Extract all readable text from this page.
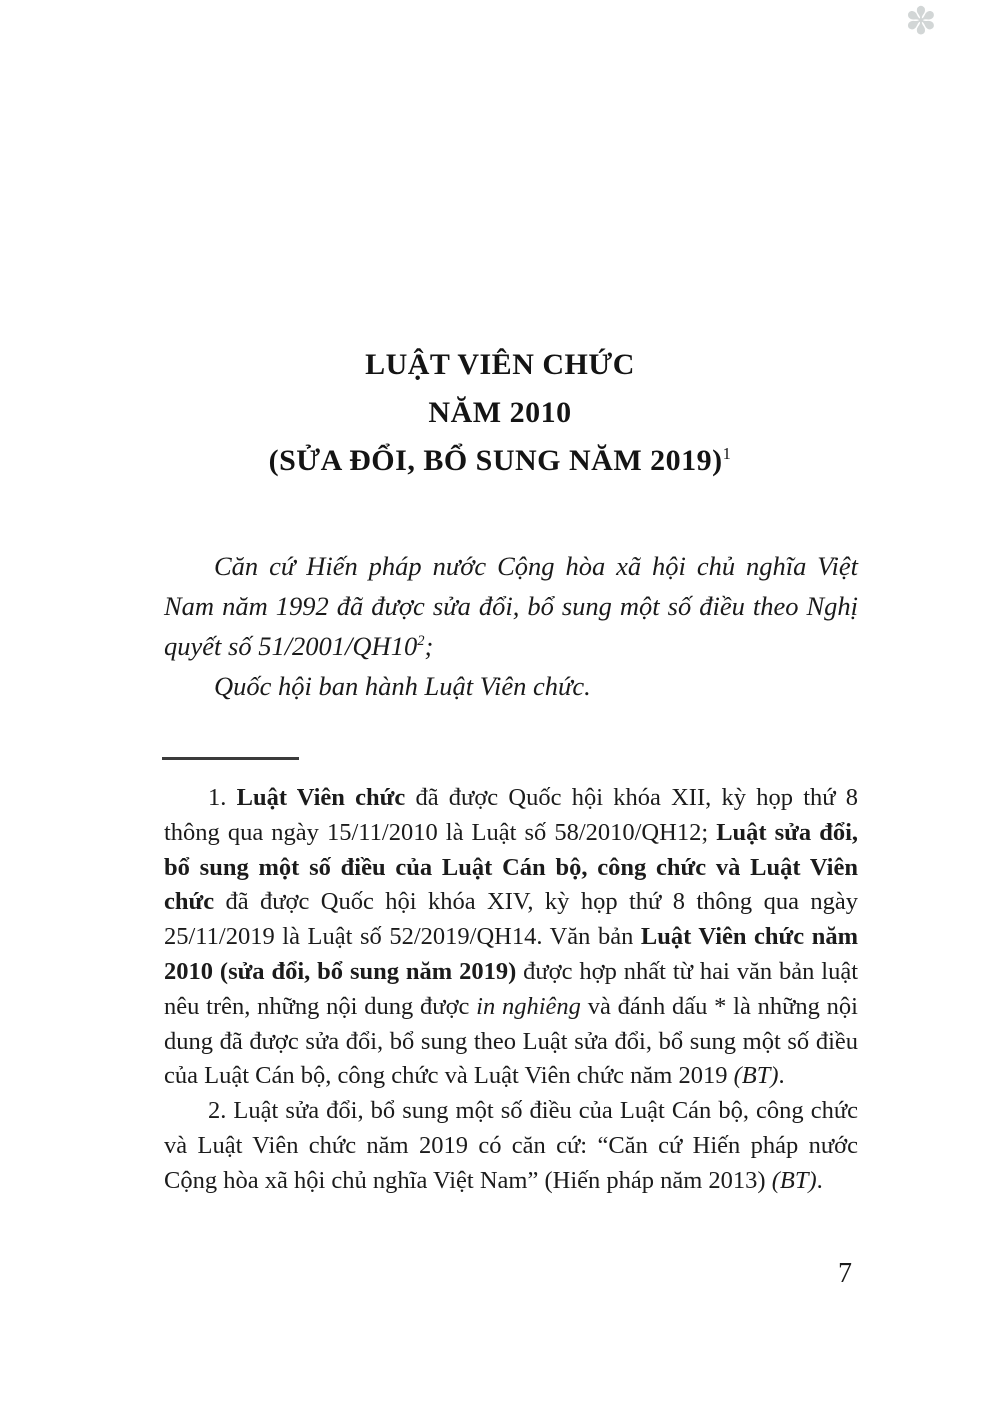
✽
LUẬT VIÊN CHỨC
NĂM 2010
(SỬA ĐỔI, BỔ SUNG NĂM 2019)$^1$

Căn cứ Hiến pháp nước Cộng hòa xã hội chủ nghĩa Việt Nam năm 1992 đã được sửa đổi, bổ sung một số điều theo Nghị quyết số $51/2001/QH10^2$;

Quốc hội ban hành Luật Viên chức.

1. Luật Viên chức đã được Quốc hội khóa XII, kỳ họp thứ 8 thông qua ngày 15/11/2010 là Luật số 58/2010/QH12; Luật sửa đổi, bổ sung một số điều của Luật Cán bộ, công chức và Luật Viên chức đã được Quốc hội khóa XIV, kỳ họp thứ 8 thông qua ngày 25/11/2019 là Luật số 52/2019/QH14. Văn bản Luật Viên chức năm 2010 (sửa đổi, bổ sung năm 2019) được hợp nhất từ hai văn bản luật nêu trên, những nội dung được in nghiêng và đánh dấu * là những nội dung đã được sửa đổi, bổ sung theo Luật sửa đổi, bổ sung một số điều của Luật Cán bộ, công chức và Luật Viên chức năm 2019 (BT).

2. Luật sửa đổi, bổ sung một số điều của Luật Cán bộ, công chức và Luật Viên chức năm 2019 có căn cứ: “Căn cứ Hiến pháp nước Cộng hòa xã hội chủ nghĩa Việt Nam” (Hiến pháp năm 2013) (BT).

7
